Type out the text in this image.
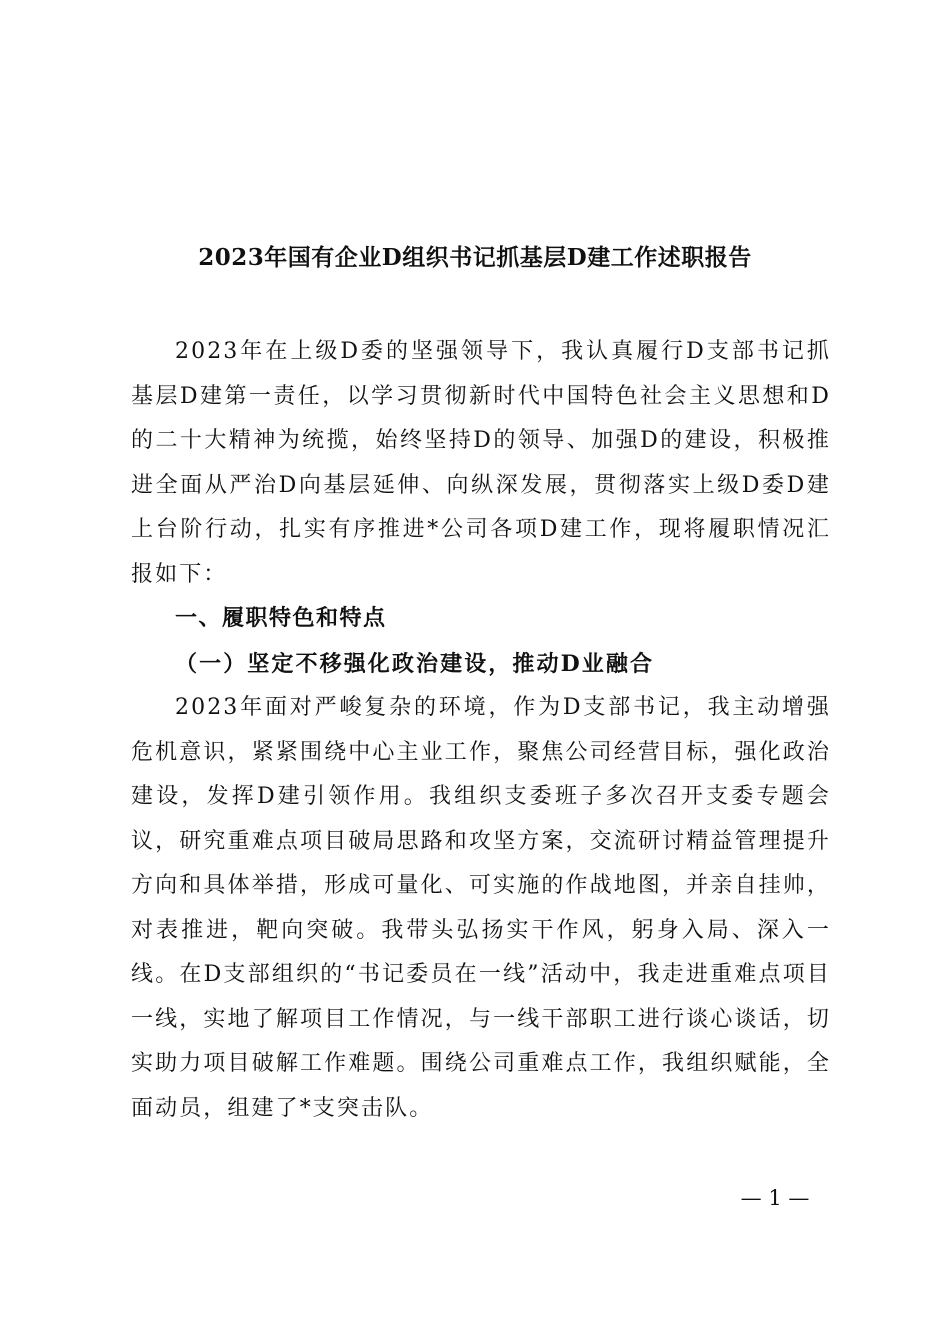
2023年国有企业D组织书记抓基层D建工作述职报告

2023年在上级D委的坚强领导下，我认真履行D支部书记抓基层D建第一责任，以学习贯彻新时代中国特色社会主义思想和D的二十大精神为统揽，始终坚持D的领导、加强D的建设，积极推进全面从严治D向基层延伸、向纵深发展，贯彻落实上级D委D建上台阶行动，扎实有序推进*公司各项D建工作，现将履职情况汇报如下：

一、履职特色和特点

（一）坚定不移强化政治建设，推动D业融合

2023年面对严峻复杂的环境，作为D支部书记，我主动增强危机意识，紧紧围绕中心主业工作，聚焦公司经营目标，强化政治建设，发挥D建引领作用。我组织支委班子多次召开支委专题会议，研究重难点项目破局思路和攻坚方案，交流研讨精益管理提升方向和具体举措，形成可量化、可实施的作战地图，并亲自挂帅，对表推进，靶向突破。我带头弘扬实干作风，躬身入局、深入一线。在D支部组织的“书记委员在一线”活动中，我走进重难点项目一线，实地了解项目工作情况，与一线干部职工进行谈心谈话，切实助力项目破解工作难题。围绕公司重难点工作，我组织赋能，全面动员，组建了*支突击队。

— 1 —
